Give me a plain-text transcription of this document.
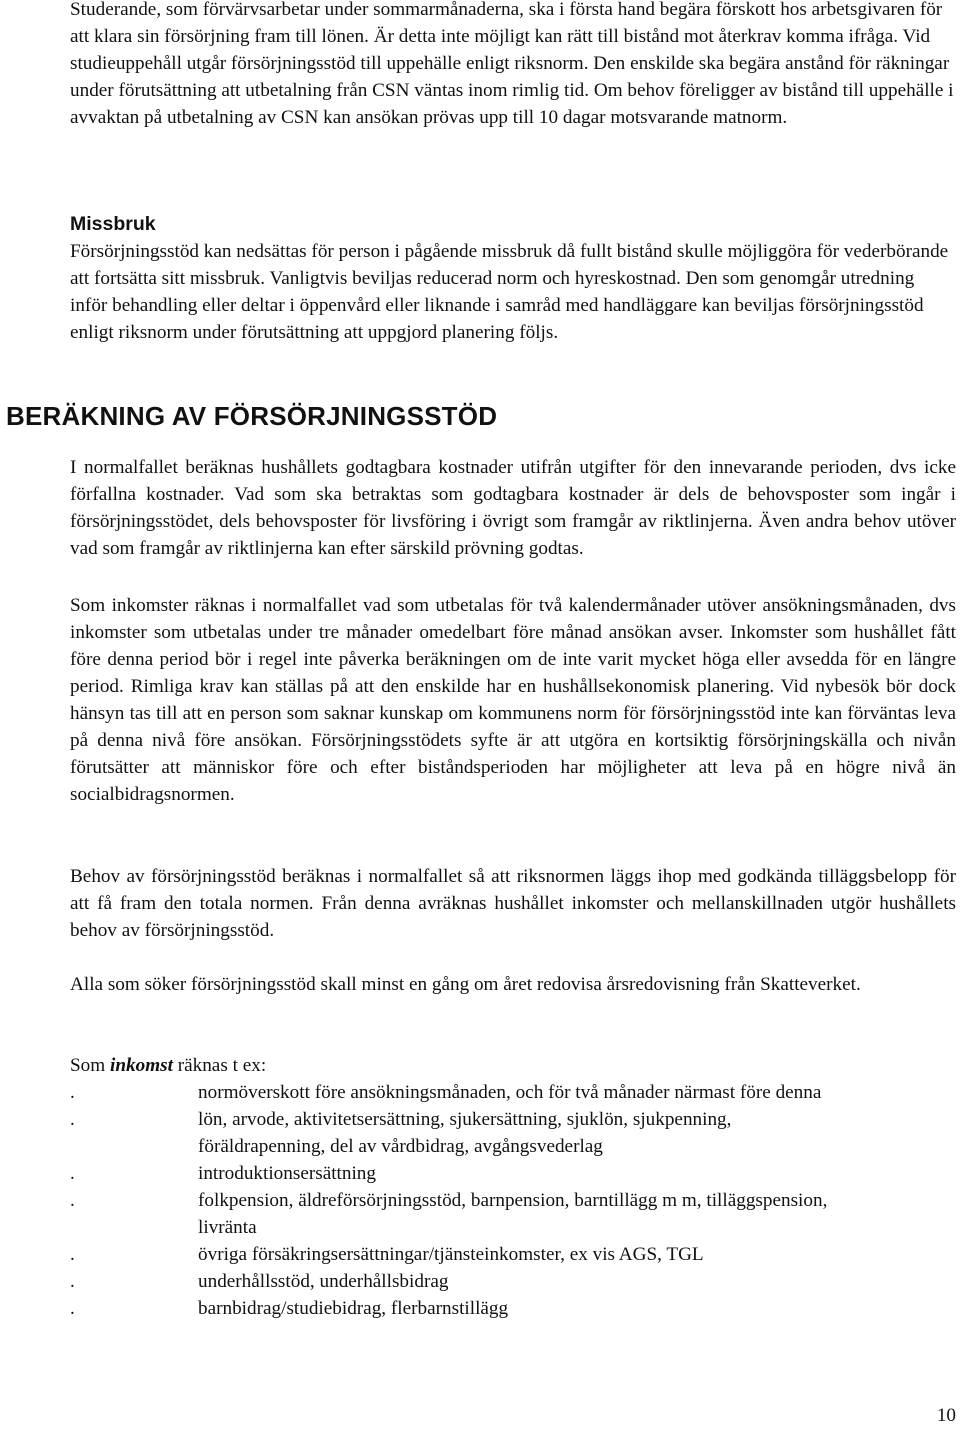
Studerande, som förvärvsarbetar under sommarmånaderna, ska i första hand begära förskott hos arbetsgivaren för att klara sin försörjning fram till lönen. Är detta inte möjligt kan rätt till bistånd mot återkrav komma ifråga. Vid studieuppehåll utgår försörjningsstöd till uppehälle enligt riksnorm. Den enskilde ska begära anstånd för räkningar under förutsättning att utbetalning från CSN väntas inom rimlig tid. Om behov föreligger av bistånd till uppehälle i avvaktan på utbetalning av CSN kan ansökan prövas upp till 10 dagar motsvarande matnorm.

Missbruk

Försörjningsstöd kan nedsättas för person i pågående missbruk då fullt bistånd skulle möjliggöra för vederbörande att fortsätta sitt missbruk. Vanligtvis beviljas reducerad norm och hyreskostnad. Den som genomgår utredning inför behandling eller deltar i öppenvård eller liknande i samråd med handläggare kan beviljas försörjningsstöd enligt riksnorm under förutsättning att uppgjord planering följs.

BERÄKNING AV FÖRSÖRJNINGSSTÖD

I normalfallet beräknas hushållets godtagbara kostnader utifrån utgifter för den innevarande perioden, dvs icke förfallna kostnader. Vad som ska betraktas som godtagbara kostnader är dels de behovsposter som ingår i försörjningsstödet, dels behovsposter för livsföring i övrigt som framgår av riktlinjerna. Även andra behov utöver vad som framgår av riktlinjerna kan efter särskild prövning godtas.

Som inkomster räknas i normalfallet vad som utbetalas för två kalendermånader utöver ansökningsmånaden, dvs inkomster som utbetalas under tre månader omedelbart före månad ansökan avser. Inkomster som hushållet fått före denna period bör i regel inte påverka beräkningen om de inte varit mycket höga eller avsedda för en längre period. Rimliga krav kan ställas på att den enskilde har en hushållsekonomisk planering. Vid nybesök bör dock hänsyn tas till att en person som saknar kunskap om kommunens norm för försörjningsstöd inte kan förväntas leva på denna nivå före ansökan. Försörjningsstödets syfte är att utgöra en kortsiktig försörjningskälla och nivån förutsätter att människor före och efter biståndsperioden har möjligheter att leva på en högre nivå än socialbidragsnormen.

Behov av försörjningsstöd beräknas i normalfallet så att riksnormen läggs ihop med godkända tilläggsbelopp för att få fram den totala normen. Från denna avräknas hushållet inkomster och mellanskillnaden utgör hushållets behov av försörjningsstöd.

Alla som söker försörjningsstöd skall minst en gång om året redovisa årsredovisning från Skatteverket.

Som inkomst räknas t ex:

.	normöverskott före ansökningsmånaden, och för två månader närmast före denna
.	lön, arvode, aktivitetsersättning, sjukersättning, sjuklön, sjukpenning, föräldrapenning, del av vårdbidrag, avgångsvederlag
.	introduktionsersättning
.	folkpension, äldreförsörjningsstöd, barnpension, barntillägg m m, tilläggspension, livränta
.	övriga försäkringsersättningar/tjänsteinkomster, ex vis AGS, TGL
.	underhållsstöd, underhållsbidrag
.	barnbidrag/studiebidrag, flerbarnstillägg
10
